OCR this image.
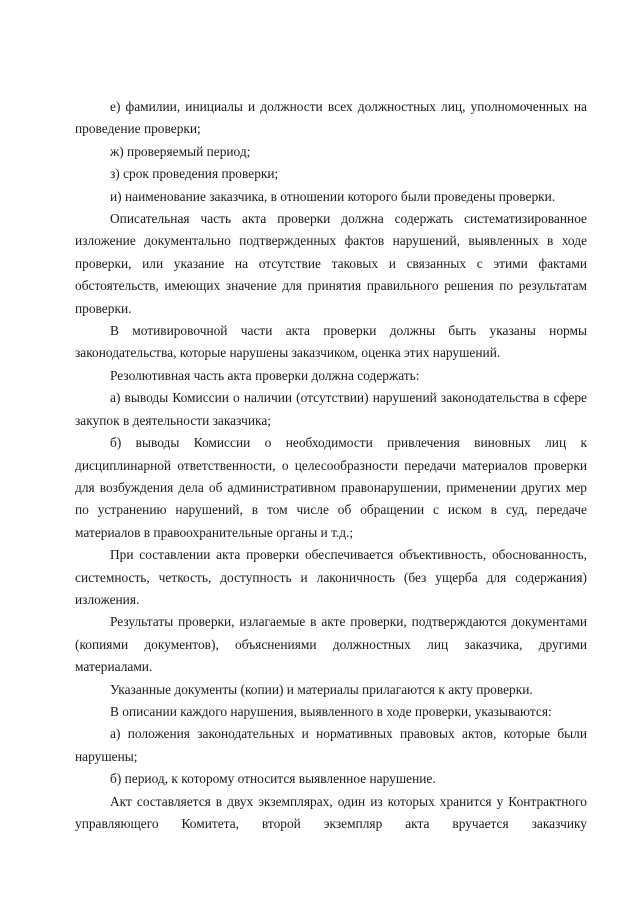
е) фамилии, инициалы и должности всех должностных лиц, уполномоченных на проведение проверки;

ж) проверяемый период;

з) срок проведения проверки;

и) наименование заказчика, в отношении которого были проведены проверки.

Описательная часть акта проверки должна содержать систематизированное изложение документально подтвержденных фактов нарушений, выявленных в ходе проверки, или указание на отсутствие таковых и связанных с этими фактами обстоятельств, имеющих значение для принятия правильного решения по результатам проверки.

В мотивировочной части акта проверки должны быть указаны нормы законодательства, которые нарушены заказчиком, оценка этих нарушений.

Резолютивная часть акта проверки должна содержать:

а) выводы Комиссии о наличии (отсутствии) нарушений законодательства в сфере закупок в деятельности заказчика;

б) выводы Комиссии о необходимости привлечения виновных лиц к дисциплинарной ответственности, о целесообразности передачи материалов проверки для возбуждения дела об административном правонарушении, применении других мер по устранению нарушений, в том числе об обращении с иском в суд, передаче материалов в правоохранительные органы и т.д.;

При составлении акта проверки обеспечивается объективность, обоснованность, системность, четкость, доступность и лаконичность (без ущерба для содержания) изложения.

Результаты проверки, излагаемые в акте проверки, подтверждаются документами (копиями документов), объяснениями должностных лиц заказчика, другими материалами.

Указанные документы (копии) и материалы прилагаются к акту проверки.

В описании каждого нарушения, выявленного в ходе проверки, указываются:

а) положения законодательных и нормативных правовых актов, которые были нарушены;

б) период, к которому относится выявленное нарушение.

Акт составляется в двух экземплярах, один из которых хранится у Контрактного управляющего Комитета, второй экземпляр акта вручается заказчику
